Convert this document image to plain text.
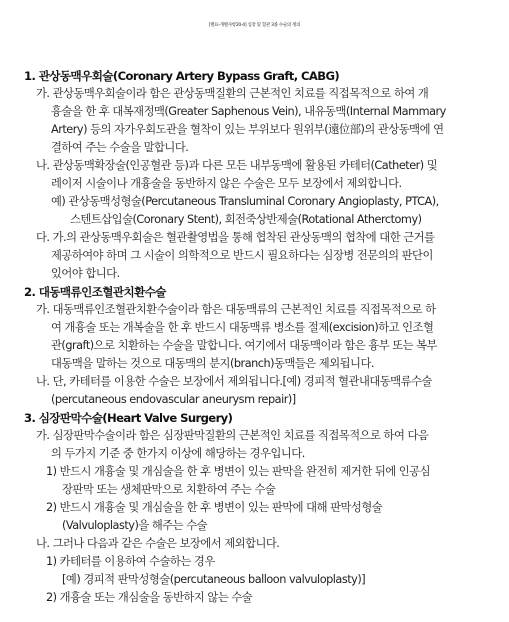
[별표-개별사항20-4] 심장 및 혈관 3종 수술의 정의
1. 관상동맥우회술(Coronary Artery Bypass Graft, CABG)
가. 관상동맥우회술이라 함은 관상동맥질환의 근본적인 치료를 직접목적으로 하여 개
흉술을 한 후 대복재정맥(Greater Saphenous Vein), 내유동맥(Internal Mammary
Artery) 등의 자가우회도관을 혈착이 있는 부위보다 원위부(遠位部)의 관상동맥에 연
결하여 주는 수술을 말합니다.
나. 관상동맥확장술(인공혈관 등)과 다른 모든 내부동맥에 활용된 카테터(Catheter) 및
레이저 시술이나 개흉술을 동반하지 않은 수술은 모두 보장에서 제외합니다.
예) 관상동맥성형술(Percutaneous Transluminal Coronary Angioplasty, PTCA),
스텐트삽입술(Coronary Stent), 회전죽상반제술(Rotational Atherctomy)
다. 가.의 관상동맥우회술은 혈관촬영법을 통해 협착된 관상동맥의 협착에 대한 근거를
제공하여야 하며 그 시술이 의학적으로 반드시 필요하다는 심장병 전문의의 판단이
있어야 합니다.
2. 대동맥류인조혈관치환수술
가. 대동맥류인조혈관치환수술이라 함은 대동맥류의 근본적인 치료를 직접목적으로 하
여 개흉술 또는 개복술을 한 후 반드시 대동맥류 병소를 절제(excision)하고 인조혈
관(graft)으로 치환하는 수술을 말합니다. 여기에서 대동맥이라 함은 흉부 또는 복부
대동맥을 말하는 것으로 대동맥의 분지(branch)동맥들은 제외됩니다.
나. 단, 카테터를 이용한 수술은 보장에서 제외됩니다.[예) 경피적 혈관내대동맥류수술
(percutaneous endovascular aneurysm repair)]
3. 심장판막수술(Heart Valve Surgery)
가. 심장판막수술이라 함은 심장판막질환의 근본적인 치료를 직접목적으로 하여 다음
의 두가지 기준 중 한가지 이상에 해당하는 경우입니다.
1) 반드시 개흉술 및 개심술을 한 후 병변이 있는 판막을 완전히 제거한 뒤에 인공심
장판막 또는 생체판막으로 치환하여 주는 수술
2) 반드시 개흉술 및 개심술을 한 후 병변이 있는 판막에 대해 판막성형술
(Valvuloplasty)을 해주는 수술
나. 그러나 다음과 같은 수술은 보장에서 제외합니다.
1) 카테터를 이용하여 수술하는 경우
[예) 경피적 판막성형술(percutaneous balloon valvuloplasty)]
2) 개흉술 또는 개심술을 동반하지 않는 수술
